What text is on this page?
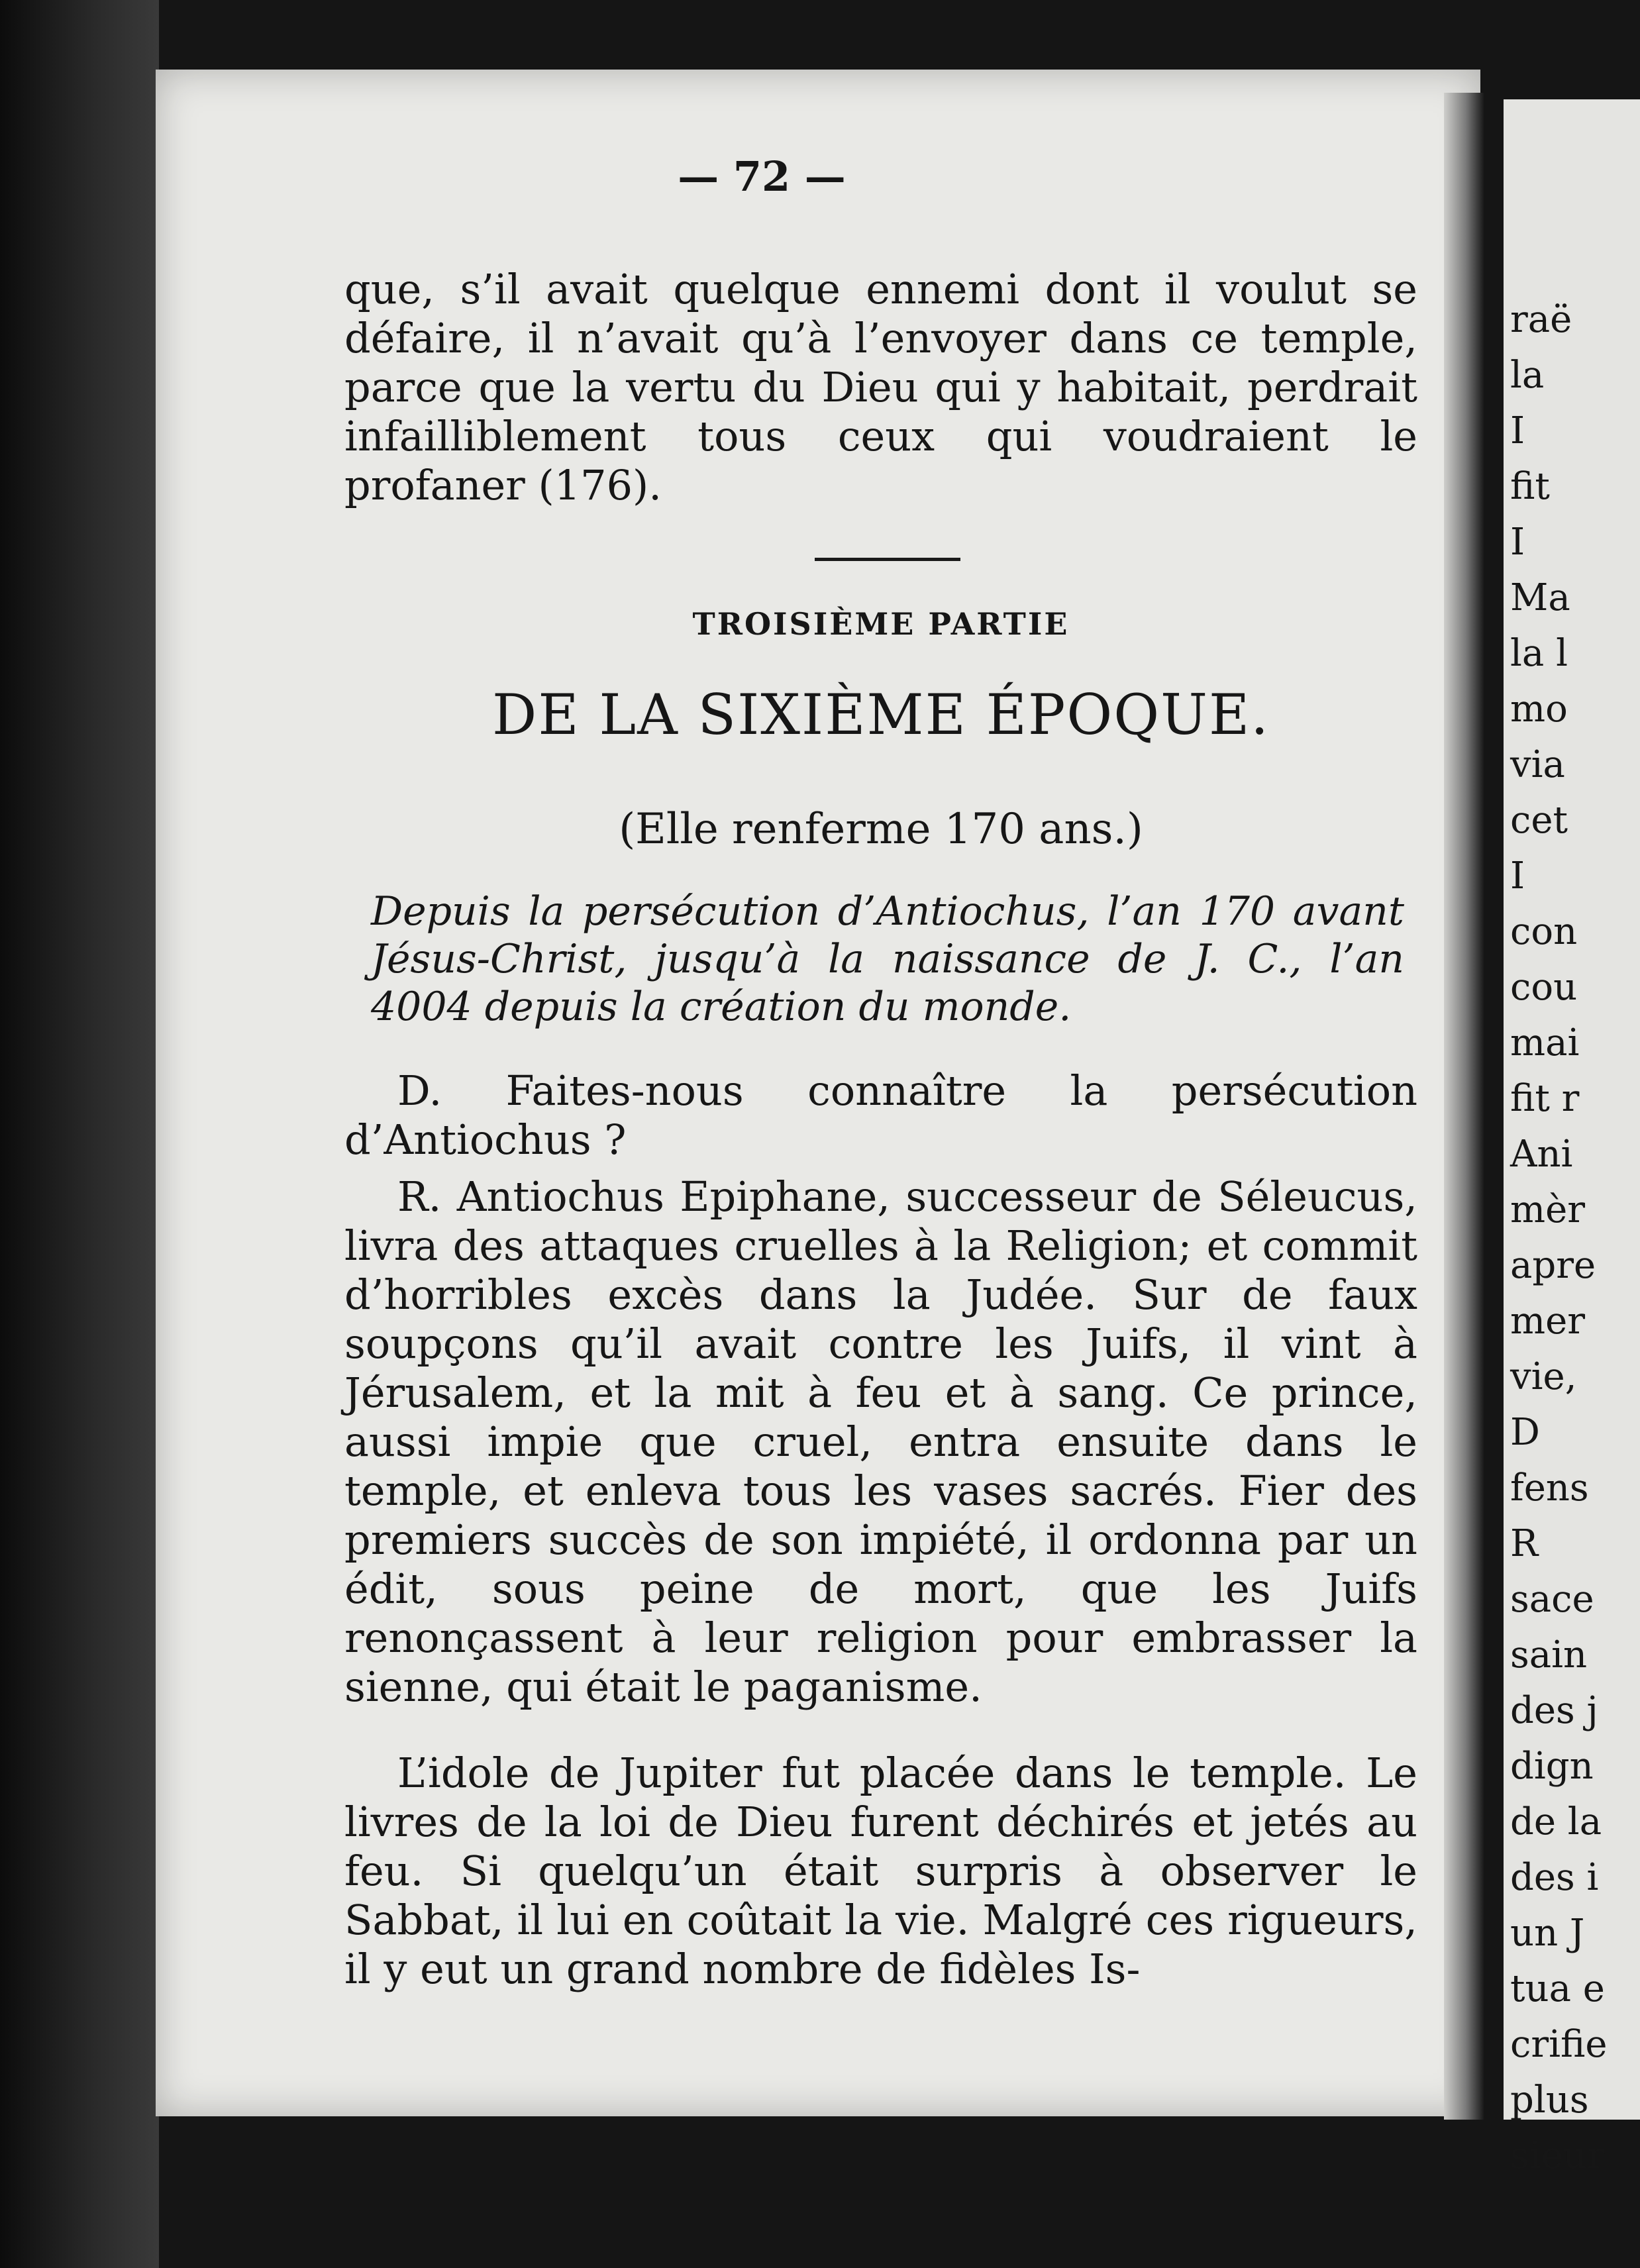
raë
la
I
fit
I
Ma
la l
mo
via
cet
I
con
cou
mai
fit r
Ani
mèr
apre
mer
vie,
D
fens
R
sace
sain
des j
dign
de la
des i
un J
tua e
crifie
plus
sieur
— 72 —
que, s’il avait quelque ennemi dont il voulut se défaire, il n’avait qu’à l’envoyer dans ce temple, parce que la vertu du Dieu qui y habitait, perdrait infailliblement tous ceux qui voudraient le profaner (176).
TROISIÈME PARTIE
DE LA SIXIÈME ÉPOQUE.
(Elle renferme 170 ans.)
Depuis la persécution d’Antiochus, l’an 170 avant Jésus-Christ, jusqu’à la naissance de J. C., l’an 4004 depuis la création du monde.
D. Faites-nous connaître la persécution d’Antiochus ?
R. Antiochus Epiphane, successeur de Séleucus, livra des attaques cruelles à la Religion; et commit d’horribles excès dans la Judée. Sur de faux soupçons qu’il avait contre les Juifs, il vint à Jérusalem, et la mit à feu et à sang. Ce prince, aussi impie que cruel, entra ensuite dans le temple, et enleva tous les vases sacrés. Fier des premiers succès de son impiété, il ordonna par un édit, sous peine de mort, que les Juifs renonçassent à leur religion pour embrasser la sienne, qui était le paganisme.
L’idole de Jupiter fut placée dans le temple. Le livres de la loi de Dieu furent déchirés et jetés au feu. Si quelqu’un était surpris à observer le Sabbat, il lui en coûtait la vie. Malgré ces rigueurs, il y eut un grand nombre de fidèles Is-
